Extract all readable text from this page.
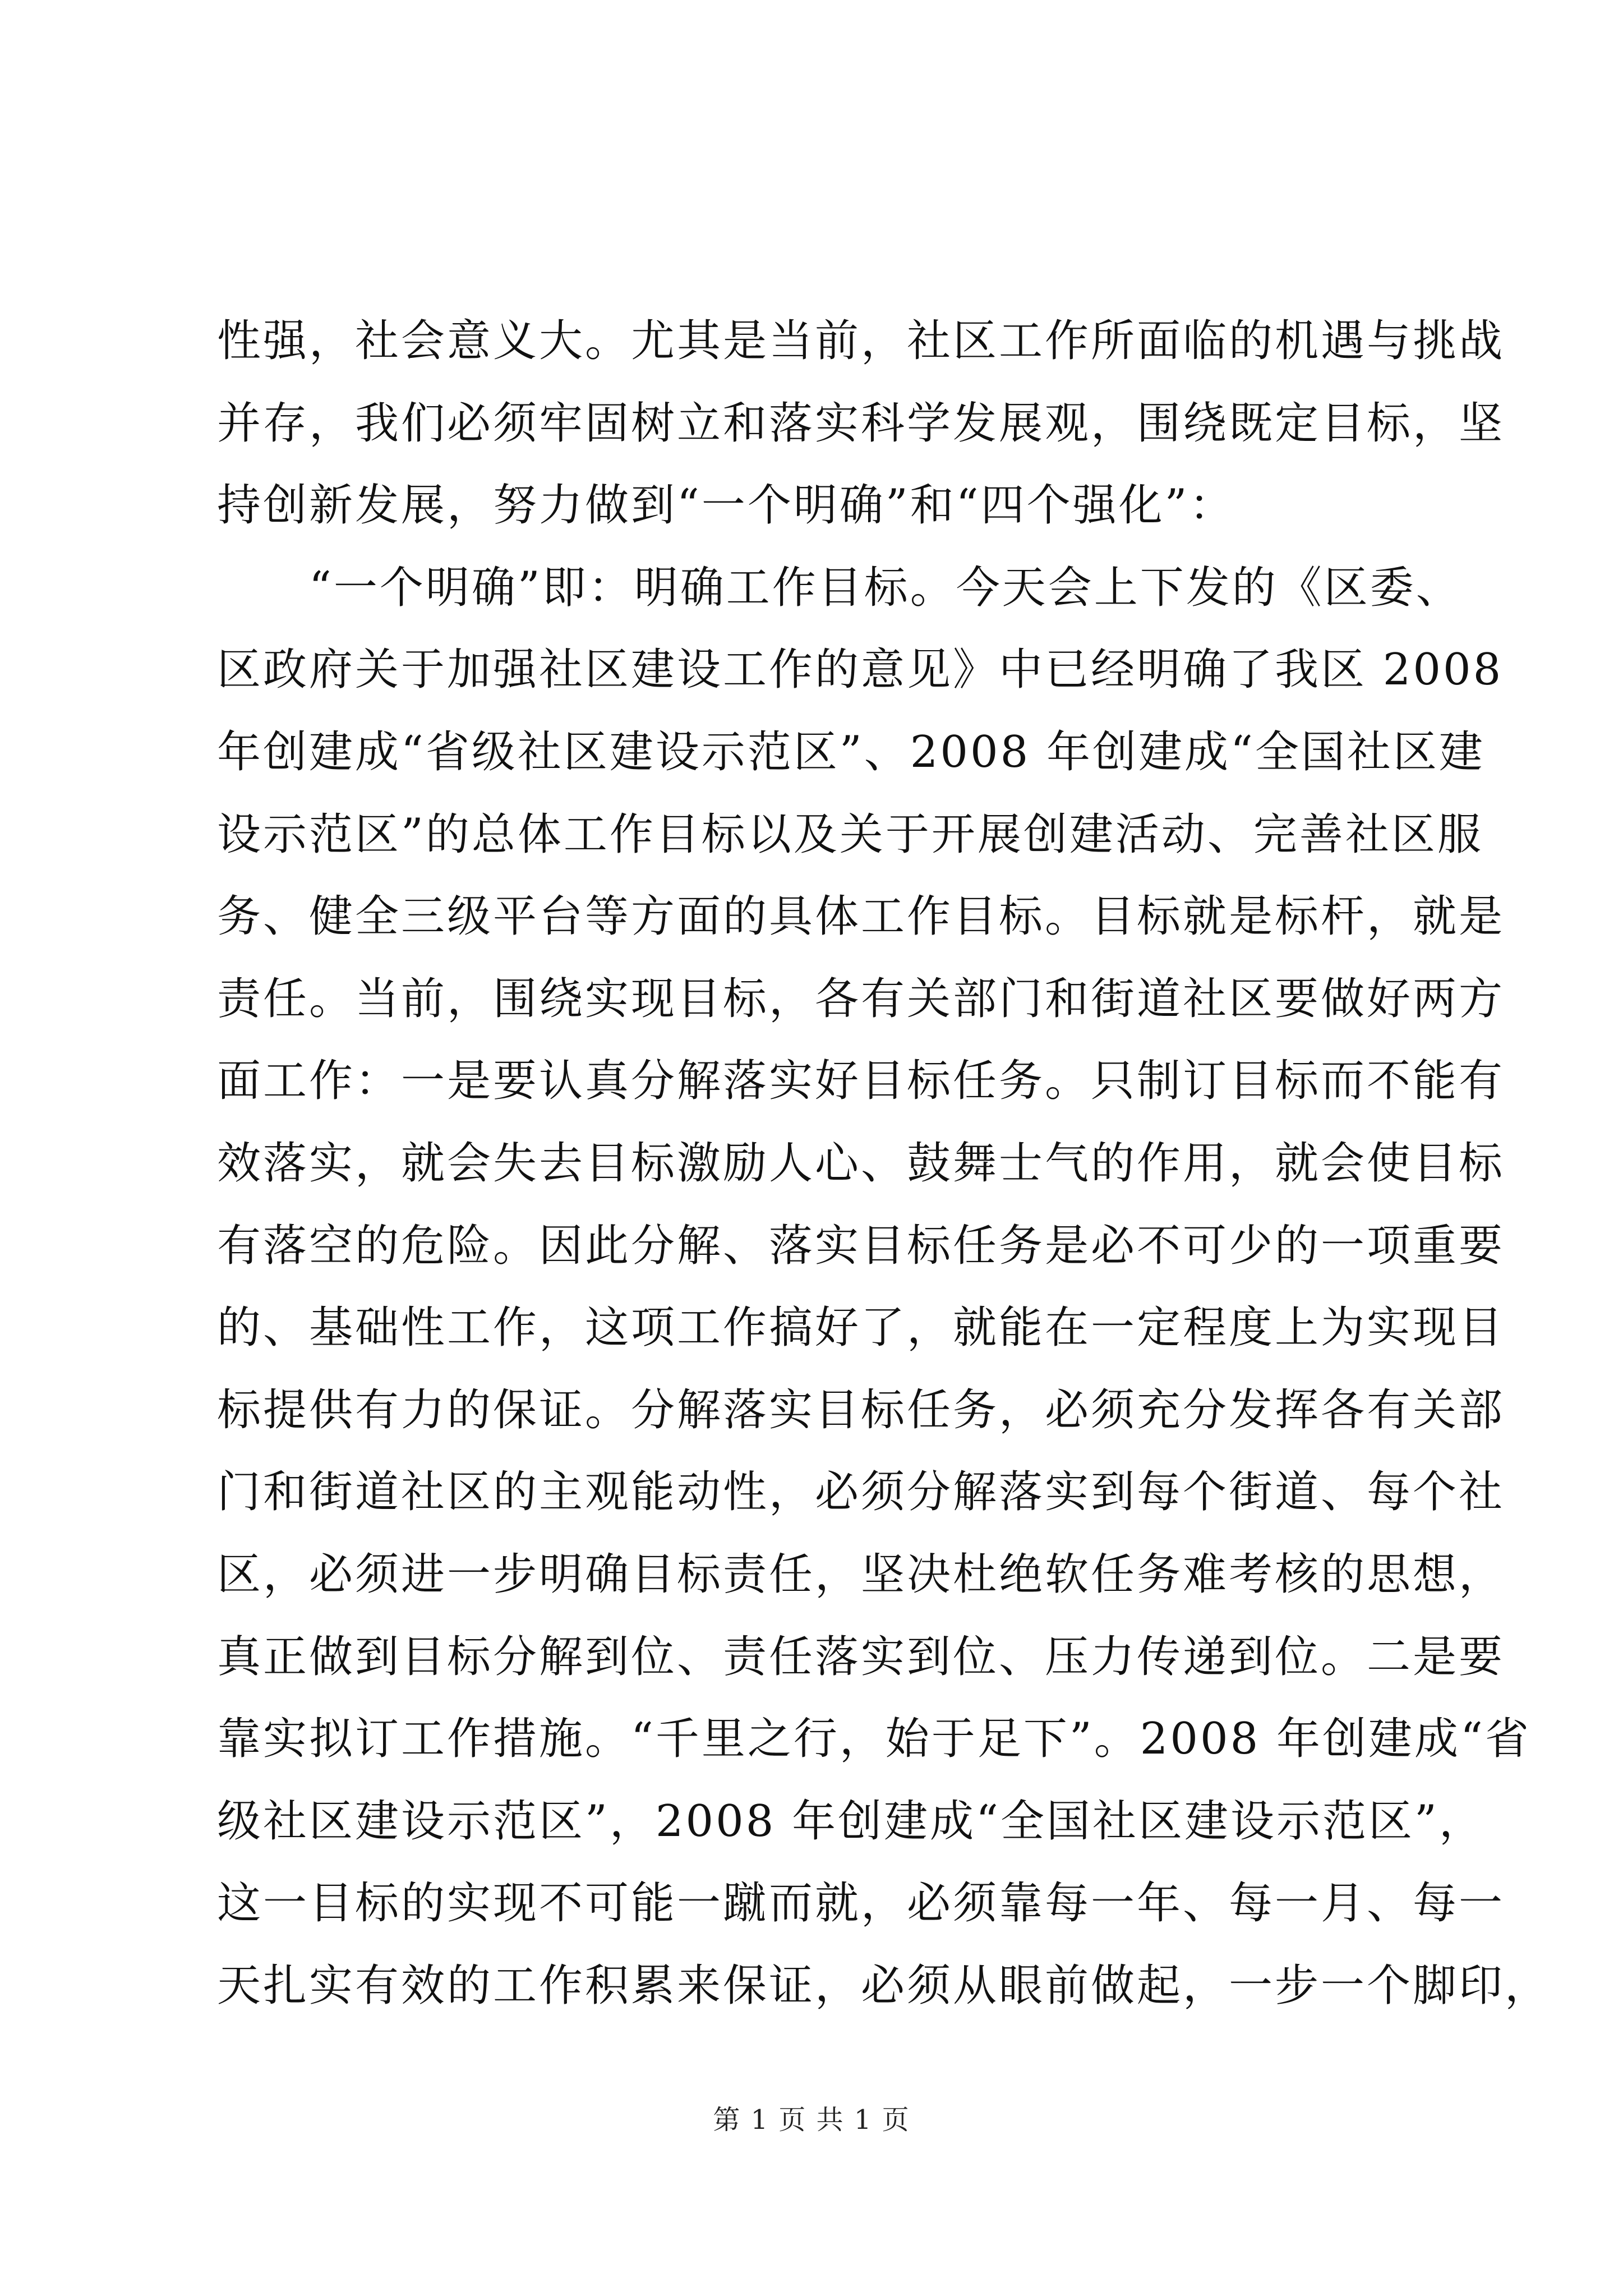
性强，社会意义大。尤其是当前，社区工作所面临的机遇与挑战

并存，我们必须牢固树立和落实科学发展观，围绕既定目标，坚

持创新发展，努力做到“一个明确”和“四个强化”：

　　“一个明确”即：明确工作目标。今天会上下发的《区委、

区政府关于加强社区建设工作的意见》中已经明确了我区 2008

年创建成“省级社区建设示范区”、2008 年创建成“全国社区建

设示范区”的总体工作目标以及关于开展创建活动、完善社区服

务、健全三级平台等方面的具体工作目标。目标就是标杆，就是

责任。当前，围绕实现目标，各有关部门和街道社区要做好两方

面工作：一是要认真分解落实好目标任务。只制订目标而不能有

效落实，就会失去目标激励人心、鼓舞士气的作用，就会使目标

有落空的危险。因此分解、落实目标任务是必不可少的一项重要

的、基础性工作，这项工作搞好了，就能在一定程度上为实现目

标提供有力的保证。分解落实目标任务，必须充分发挥各有关部

门和街道社区的主观能动性，必须分解落实到每个街道、每个社

区，必须进一步明确目标责任，坚决杜绝软任务难考核的思想，

真正做到目标分解到位、责任落实到位、压力传递到位。二是要

靠实拟订工作措施。“千里之行，始于足下”。2008 年创建成“省

级社区建设示范区”，2008 年创建成“全国社区建设示范区”，

这一目标的实现不可能一蹴而就，必须靠每一年、每一月、每一

天扎实有效的工作积累来保证，必须从眼前做起，一步一个脚印，

第 1 页 共 1 页
